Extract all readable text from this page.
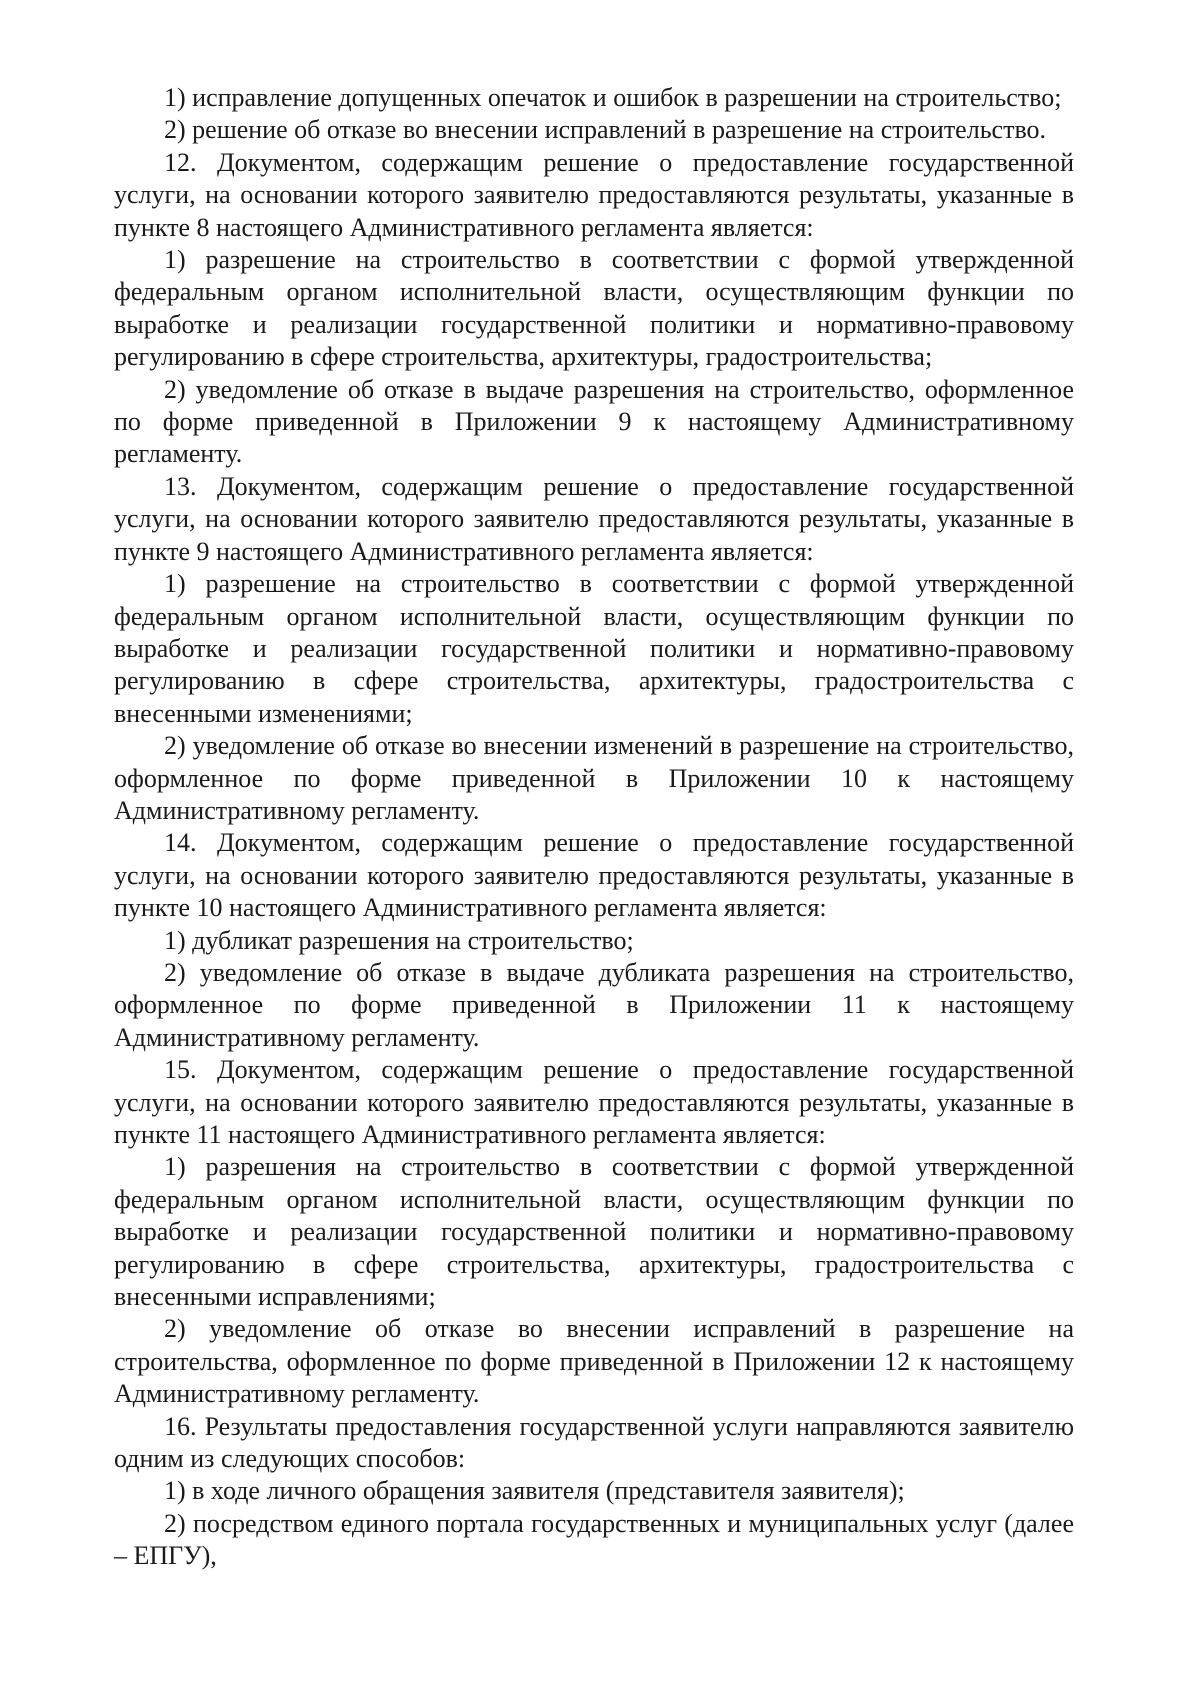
1) исправление допущенных опечаток и ошибок в разрешении на строительство;

2) решение об отказе во внесении исправлений в разрешение на строительство.

12. Документом, содержащим решение о предоставление государственной услуги, на основании которого заявителю предоставляются результаты, указанные в пункте 8 настоящего Административного регламента является:

1) разрешение на строительство в соответствии с формой утвержденной федеральным органом исполнительной власти, осуществляющим функции по выработке и реализации государственной политики и нормативно-правовому регулированию в сфере строительства, архитектуры, градостроительства;

2) уведомление об отказе в выдаче разрешения на строительство, оформленное по форме приведенной в Приложении 9 к настоящему Административному регламенту.

13. Документом, содержащим решение о предоставление государственной услуги, на основании которого заявителю предоставляются результаты, указанные в пункте 9 настоящего Административного регламента является:

1) разрешение на строительство в соответствии с формой утвержденной федеральным органом исполнительной власти, осуществляющим функции по выработке и реализации государственной политики и нормативно-правовому регулированию в сфере строительства, архитектуры, градостроительства с внесенными изменениями;

2) уведомление об отказе во внесении изменений в разрешение на строительство, оформленное по форме приведенной в Приложении 10 к настоящему Административному регламенту.

14. Документом, содержащим решение о предоставление государственной услуги, на основании которого заявителю предоставляются результаты, указанные в пункте 10 настоящего Административного регламента является:

1) дубликат разрешения на строительство;

2) уведомление об отказе в выдаче дубликата разрешения на строительство, оформленное по форме приведенной в Приложении 11 к настоящему Административному регламенту.

15. Документом, содержащим решение о предоставление государственной услуги, на основании которого заявителю предоставляются результаты, указанные в пункте 11 настоящего Административного регламента является:

1) разрешения на строительство в соответствии с формой утвержденной федеральным органом исполнительной власти, осуществляющим функции по выработке и реализации государственной политики и нормативно-правовому регулированию в сфере строительства, архитектуры, градостроительства с внесенными исправлениями;

2) уведомление об отказе во внесении исправлений в разрешение на строительства, оформленное по форме приведенной в Приложении 12 к настоящему Административному регламенту.

16. Результаты предоставления государственной услуги направляются заявителю одним из следующих способов:

1) в ходе личного обращения заявителя (представителя заявителя);

2) посредством единого портала государственных и муниципальных услуг (далее – ЕПГУ),
